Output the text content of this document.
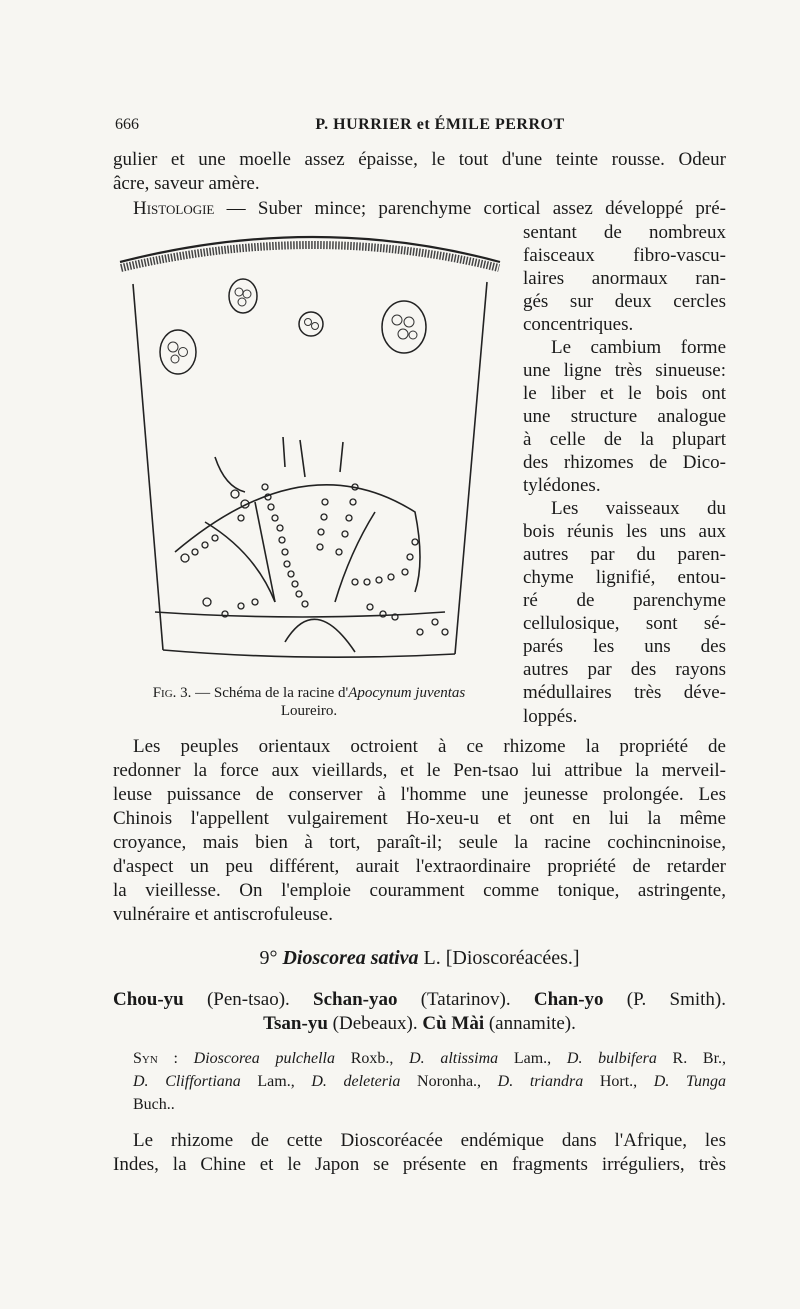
666	P. HURRIER et ÉMILE PERROT
gulier et une moelle assez épaisse, le tout d'une teinte rousse. Odeur
âcre, saveur amère.
Histologie — Suber mince; parenchyme cortical assez développé pré-
sentant de nombreux
faisceaux fibro-vascu-
laires anormaux ran-
gés sur deux cercles
concentriques.
Le cambium forme
une ligne très sinueuse:
le liber et le bois ont
une structure analogue
à celle de la plupart
des rhizomes de Dico-
tylédones.
Les vaisseaux du
bois réunis les uns aux
autres par du paren-
chyme lignifié, entou-
ré de parenchyme
cellulosique, sont sé-
parés les uns des
autres par des rayons
médullaires très déve-
loppés.
Fig. 3. — Schéma de la racine d'Apocynum juventas
Loureiro.
Les peuples orientaux octroient à ce rhizome la propriété de
redonner la force aux vieillards, et le Pen-tsao lui attribue la merveil-
leuse puissance de conserver à l'homme une jeunesse prolongée. Les
Chinois l'appellent vulgairement Ho-xeu-u et ont en lui la même
croyance, mais bien à tort, paraît-il; seule la racine cochincninoise,
d'aspect un peu différent, aurait l'extraordinaire propriété de retarder
la vieillesse. On l'emploie couramment comme tonique, astringente,
vulnéraire et antiscrofuleuse.
9° Dioscorea sativa L. [Dioscoréacées.]
Chou-yu (Pen-tsao). Schan-yao (Tatarinov). Chan-yo (P. Smith).
Tsan-yu (Debeaux). Cù Mài (annamite).
Syn : Dioscorea pulchella Roxb., D. altissima Lam., D. bulbifera R. Br.,
D. Cliffortiana Lam., D. deleteria Noronha., D. triandra Hort., D. Tunga
Buch..
Le rhizome de cette Dioscoréacée endémique dans l'Afrique, les
Indes, la Chine et le Japon se présente en fragments irréguliers, très
